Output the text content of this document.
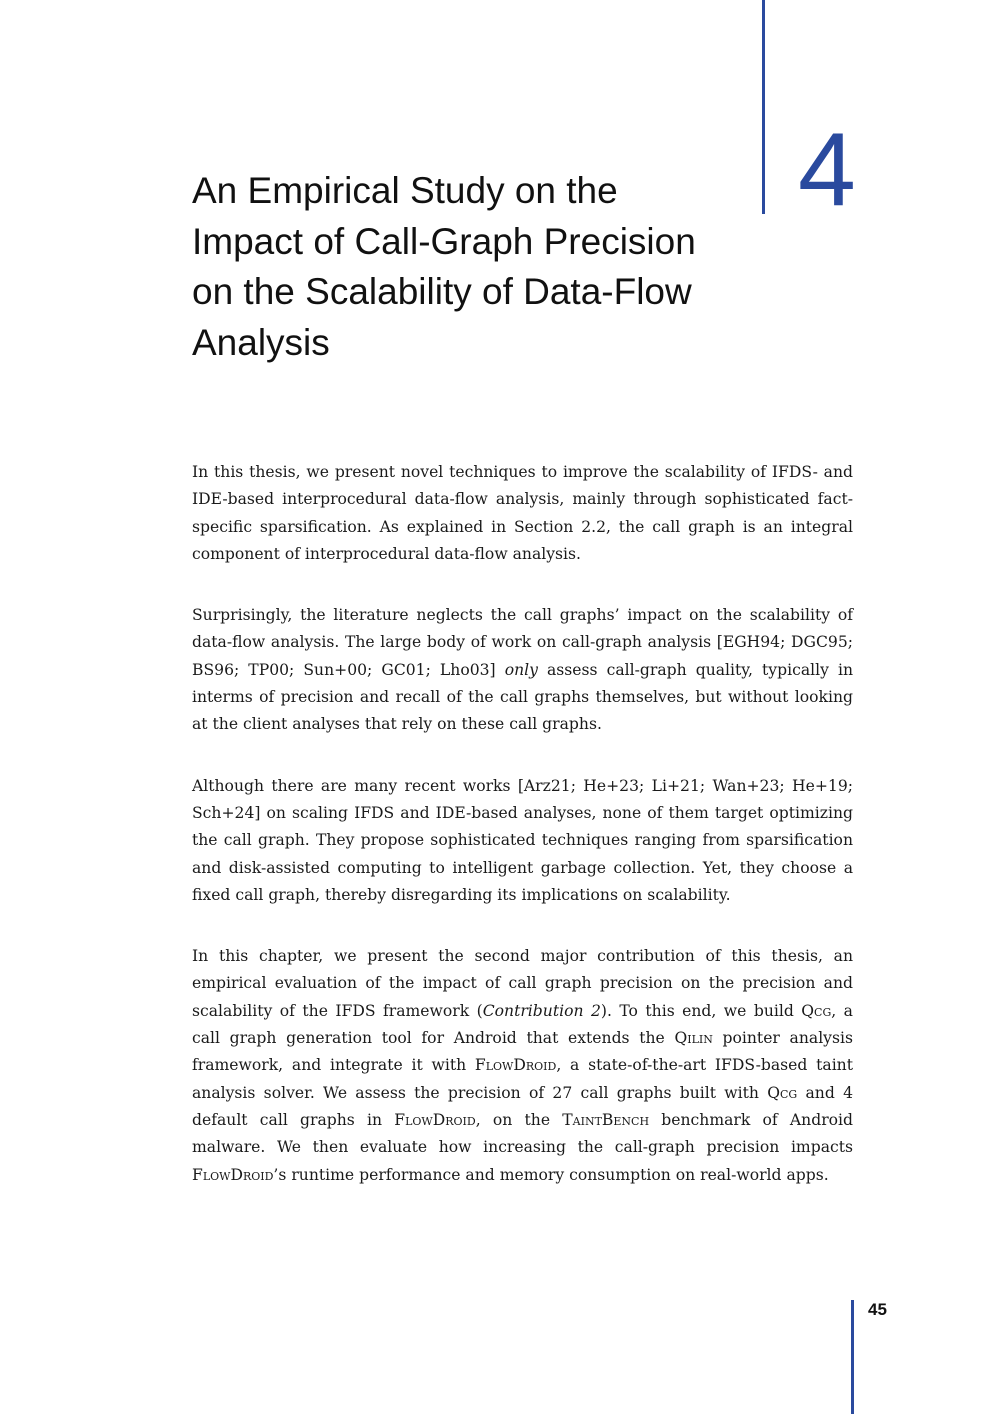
4
An Empirical Study on the Impact of Call-Graph Precision on the Scalability of Data-Flow Analysis

In this thesis, we present novel techniques to improve the scalability of IFDS- and IDE-based interprocedural data-flow analysis, mainly through sophisticated fact-specific sparsification. As explained in Section 2.2, the call graph is an integral component of interprocedural data-flow analysis.

Surprisingly, the literature neglects the call graphs’ impact on the scalability of data-flow analysis. The large body of work on call-graph analysis [EGH94; DGC95; BS96; TP00; Sun+00; GC01; Lho03] only assess call-graph quality, typically in interms of precision and recall of the call graphs themselves, but without looking at the client analyses that rely on these call graphs.

Although there are many recent works [Arz21; He+23; Li+21; Wan+23; He+19; Sch+24] on scaling IFDS and IDE-based analyses, none of them target optimizing the call graph. They propose sophisticated techniques ranging from sparsification and disk-assisted computing to intelligent garbage collection. Yet, they choose a fixed call graph, thereby disregarding its implications on scalability.

In this chapter, we present the second major contribution of this thesis, an empirical evaluation of the impact of call graph precision on the precision and scalability of the IFDS framework (Contribution 2). To this end, we build Qcg, a call graph generation tool for Android that extends the Qilin pointer analysis framework, and integrate it with FlowDroid, a state-of-the-art IFDS-based taint analysis solver. We assess the precision of 27 call graphs built with Qcg and 4 default call graphs in FlowDroid, on the TaintBench benchmark of Android malware. We then evaluate how increasing the call-graph precision impacts FlowDroid’s runtime performance and memory consumption on real-world apps.

45
